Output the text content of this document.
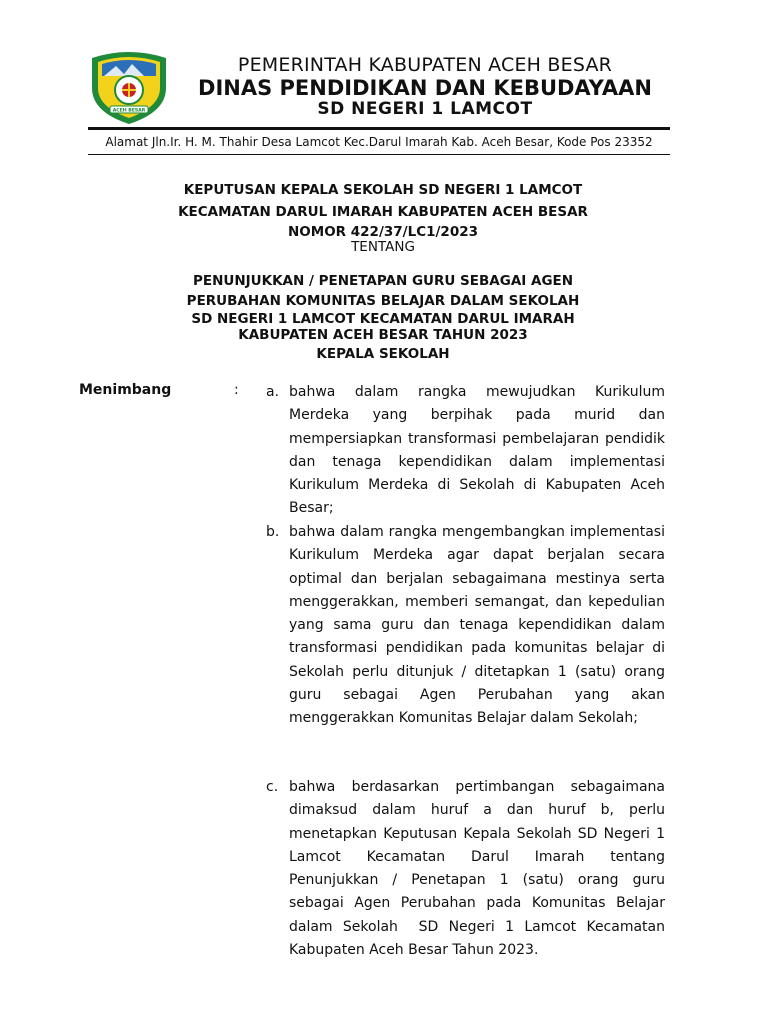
ACEH BESAR
PEMERINTAH KABUPATEN ACEH BESAR
DINAS PENDIDIKAN DAN KEBUDAYAAN
SD NEGERI 1 LAMCOT
Alamat Jln.Ir. H. M. Thahir Desa Lamcot Kec.Darul Imarah Kab. Aceh Besar, Kode Pos 23352
KEPUTUSAN KEPALA SEKOLAH SD NEGERI 1 LAMCOT
KECAMATAN DARUL IMARAH KABUPATEN ACEH BESAR
NOMOR 422/37/LC1/2023
TENTANG
PENUNJUKKAN / PENETAPAN GURU SEBAGAI AGEN
PERUBAHAN KOMUNITAS BELAJAR DALAM SEKOLAH
SD NEGERI 1 LAMCOT KECAMATAN DARUL IMARAH
KABUPATEN ACEH BESAR TAHUN 2023
KEPALA SEKOLAH
Menimbang	: a. bahwa dalam rangka mewujudkan Kurikulum Merdeka yang berpihak pada murid dan mempersiapkan transformasi pembelajaran pendidik dan tenaga kependidikan dalam implementasi Kurikulum Merdeka di Sekolah di Kabupaten Aceh Besar;
b. bahwa dalam rangka mengembangkan implementasi Kurikulum Merdeka agar dapat berjalan secara optimal dan berjalan sebagaimana mestinya serta menggerakkan, memberi semangat, dan kepedulian yang sama guru dan tenaga kependidikan dalam transformasi pendidikan pada komunitas belajar di Sekolah perlu ditunjuk / ditetapkan 1 (satu) orang guru sebagai Agen Perubahan yang akan menggerakkan Komunitas Belajar dalam Sekolah;
c. bahwa berdasarkan pertimbangan sebagaimana dimaksud dalam huruf a dan huruf b, perlu menetapkan Keputusan Kepala Sekolah SD Negeri 1 Lamcot Kecamatan Darul Imarah tentang Penunjukkan / Penetapan 1 (satu) orang guru sebagai Agen Perubahan pada Komunitas Belajar dalam Sekolah  SD Negeri 1 Lamcot Kecamatan          Kabupaten Aceh Besar Tahun 2023.
